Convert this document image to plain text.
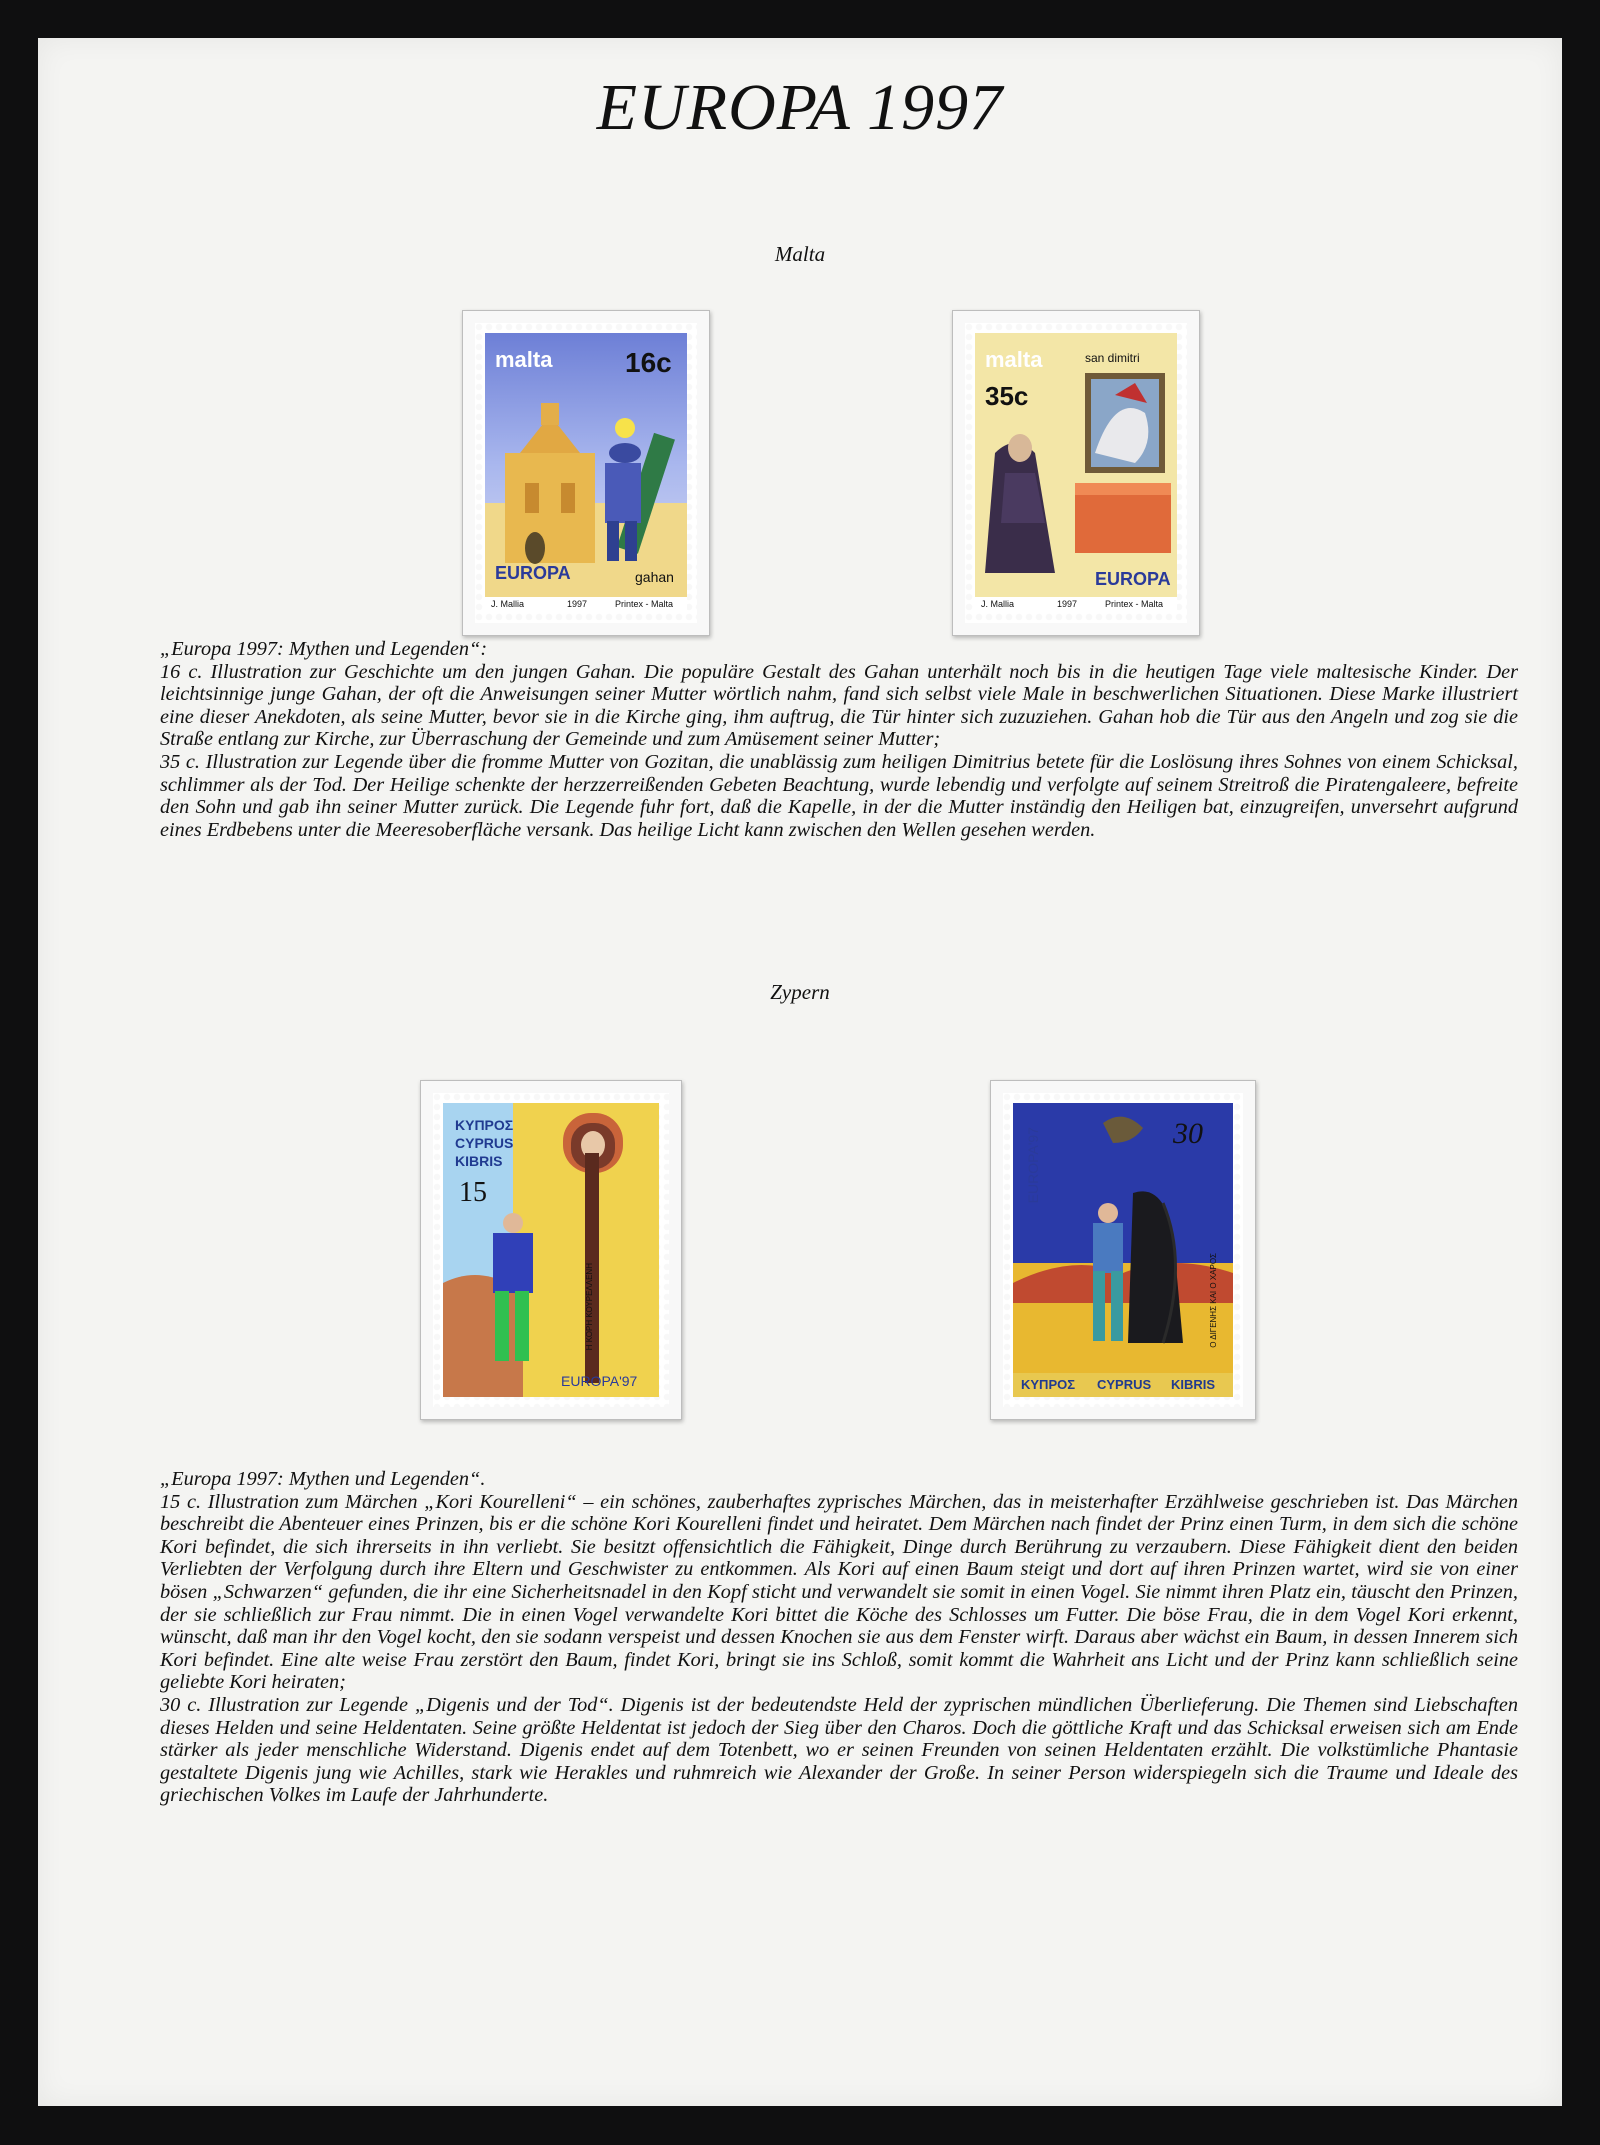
EUROPA 1997
Malta
malta	16c
EUROPA	gahan
J. Mallia	1997	Printex - Malta
malta	san dimitri
35c
EUROPA
J. Mallia	1997	Printex - Malta

„Europa 1997: Mythen und Legenden“:

16 c. Illustration zur Geschichte um den jungen Gahan. Die populäre Gestalt des Gahan unterhält noch bis in die heutigen Tage viele maltesische Kinder. Der leichtsinnige junge Gahan, der oft die Anweisungen seiner Mutter wörtlich nahm, fand sich selbst viele Male in beschwerlichen Situationen. Diese Marke illustriert eine dieser Anekdoten, als seine Mutter, bevor sie in die Kirche ging, ihm auftrug, die Tür hinter sich zuzuziehen. Gahan hob die Tür aus den Angeln und zog sie die Straße entlang zur Kirche, zur Überraschung der Gemeinde und zum Amüsement seiner Mutter;

35 c. Illustration zur Legende über die fromme Mutter von Gozitan, die unablässig zum heiligen Dimitrius betete für die Loslösung ihres Sohnes von einem Schicksal, schlimmer als der Tod. Der Heilige schenkte der herzzerreißenden Gebeten Beachtung, wurde lebendig und verfolgte auf seinem Streitroß die Piratengaleere, befreite den Sohn und gab ihn seiner Mutter zurück. Die Legende fuhr fort, daß die Kapelle, in der die Mutter inständig den Heiligen bat, einzugreifen, unversehrt aufgrund eines Erdbebens unter die Meeresoberfläche versank. Das heilige Licht kann zwischen den Wellen gesehen werden.

Zypern
ΚΥΠΡΟΣ
CYPRUS
KIBRIS
15
EUROPA'97
Η ΚΟΡΗ ΚΟΥΡΕΛΛΕΝΗ
EUROPA'97	30
ΚΥΠΡΟΣ CYPRUS KIBRIS
Ο ΔΙΓΕΝΗΣ ΚΑΙ Ο ΧΑΡΟΣ

„Europa 1997: Mythen und Legenden“.

15 c. Illustration zum Märchen „Kori Kourelleni“ – ein schönes, zauberhaftes zyprisches Märchen, das in meisterhafter Erzählweise geschrieben ist. Das Märchen beschreibt die Abenteuer eines Prinzen, bis er die schöne Kori Kourelleni findet und heiratet. Dem Märchen nach findet der Prinz einen Turm, in dem sich die schöne Kori befindet, die sich ihrerseits in ihn verliebt. Sie besitzt offensichtlich die Fähigkeit, Dinge durch Berührung zu verzaubern. Diese Fähigkeit dient den beiden Verliebten der Verfolgung durch ihre Eltern und Geschwister zu entkommen. Als Kori auf einen Baum steigt und dort auf ihren Prinzen wartet, wird sie von einer bösen „Schwarzen“ gefunden, die ihr eine Sicherheitsnadel in den Kopf sticht und verwandelt sie somit in einen Vogel. Sie nimmt ihren Platz ein, täuscht den Prinzen, der sie schließlich zur Frau nimmt. Die in einen Vogel verwandelte Kori bittet die Köche des Schlosses um Futter. Die böse Frau, die in dem Vogel Kori erkennt, wünscht, daß man ihr den Vogel kocht, den sie sodann verspeist und dessen Knochen sie aus dem Fenster wirft. Daraus aber wächst ein Baum, in dessen Innerem sich Kori befindet. Eine alte weise Frau zerstört den Baum, findet Kori, bringt sie ins Schloß, somit kommt die Wahrheit ans Licht und der Prinz kann schließlich seine geliebte Kori heiraten;

30 c. Illustration zur Legende „Digenis und der Tod“. Digenis ist der bedeutendste Held der zyprischen mündlichen Überlieferung. Die Themen sind Liebschaften dieses Helden und seine Heldentaten. Seine größte Heldentat ist jedoch der Sieg über den Charos. Doch die göttliche Kraft und das Schicksal erweisen sich am Ende stärker als jeder menschliche Widerstand. Digenis endet auf dem Totenbett, wo er seinen Freunden von seinen Heldentaten erzählt. Die volkstümliche Phantasie gestaltete Digenis jung wie Achilles, stark wie Herakles und ruhmreich wie Alexander der Große. In seiner Person widerspiegeln sich die Traume und Ideale des griechischen Volkes im Laufe der Jahrhunderte.
